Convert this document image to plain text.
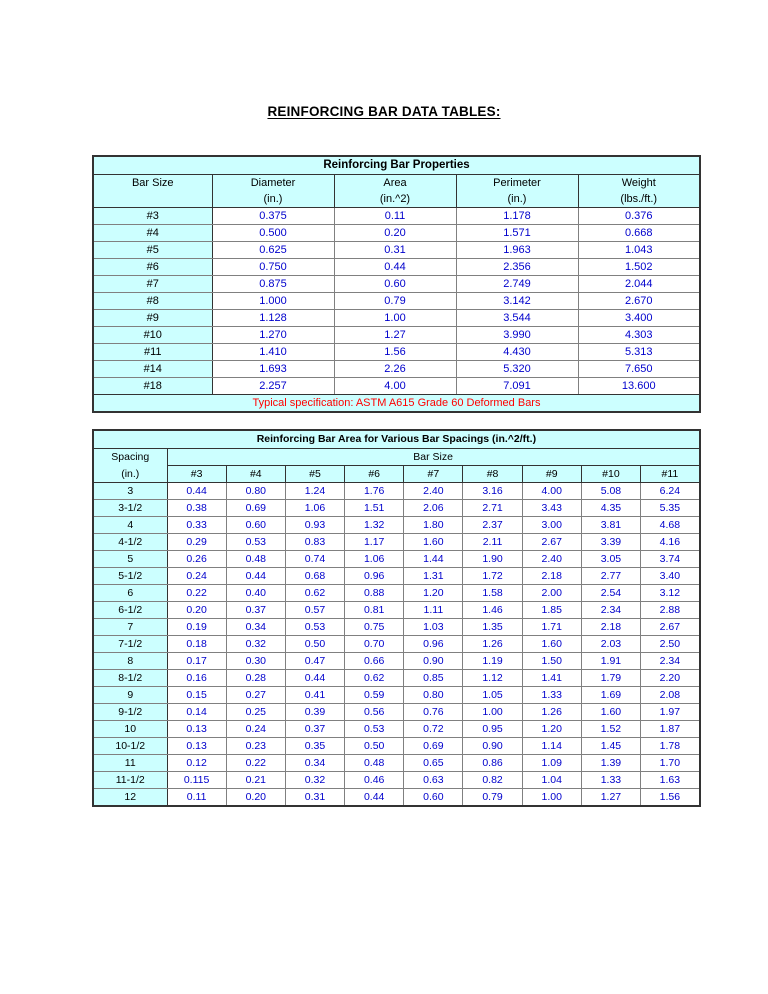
REINFORCING BAR DATA TABLES:
Reinforcing Bar Properties				
Bar Size	Diameter	Area	Perimeter	Weight
	(in.)	(in.^2)	(in.)	(lbs./ft.)
#3	0.375	0.11	1.178	0.376
#4	0.500	0.20	1.571	0.668
#5	0.625	0.31	1.963	1.043
#6	0.750	0.44	2.356	1.502
#7	0.875	0.60	2.749	2.044
#8	1.000	0.79	3.142	2.670
#9	1.128	1.00	3.544	3.400
#10	1.270	1.27	3.990	4.303
#11	1.410	1.56	4.430	5.313
#14	1.693	2.26	5.320	7.650
#18	2.257	4.00	7.091	13.600
Typical specification: ASTM A615 Grade 60 Deformed Bars				
Reinforcing Bar Area for Various Bar Spacings (in.^2/ft.)									
Spacing	Bar Size								
(in.)	#3	#4	#5	#6	#7	#8	#9	#10	#11
3	0.44	0.80	1.24	1.76	2.40	3.16	4.00	5.08	6.24
3-1/2	0.38	0.69	1.06	1.51	2.06	2.71	3.43	4.35	5.35
4	0.33	0.60	0.93	1.32	1.80	2.37	3.00	3.81	4.68
4-1/2	0.29	0.53	0.83	1.17	1.60	2.11	2.67	3.39	4.16
5	0.26	0.48	0.74	1.06	1.44	1.90	2.40	3.05	3.74
5-1/2	0.24	0.44	0.68	0.96	1.31	1.72	2.18	2.77	3.40
6	0.22	0.40	0.62	0.88	1.20	1.58	2.00	2.54	3.12
6-1/2	0.20	0.37	0.57	0.81	1.11	1.46	1.85	2.34	2.88
7	0.19	0.34	0.53	0.75	1.03	1.35	1.71	2.18	2.67
7-1/2	0.18	0.32	0.50	0.70	0.96	1.26	1.60	2.03	2.50
8	0.17	0.30	0.47	0.66	0.90	1.19	1.50	1.91	2.34
8-1/2	0.16	0.28	0.44	0.62	0.85	1.12	1.41	1.79	2.20
9	0.15	0.27	0.41	0.59	0.80	1.05	1.33	1.69	2.08
9-1/2	0.14	0.25	0.39	0.56	0.76	1.00	1.26	1.60	1.97
10	0.13	0.24	0.37	0.53	0.72	0.95	1.20	1.52	1.87
10-1/2	0.13	0.23	0.35	0.50	0.69	0.90	1.14	1.45	1.78
11	0.12	0.22	0.34	0.48	0.65	0.86	1.09	1.39	1.70
11-1/2	0.115	0.21	0.32	0.46	0.63	0.82	1.04	1.33	1.63
12	0.11	0.20	0.31	0.44	0.60	0.79	1.00	1.27	1.56
